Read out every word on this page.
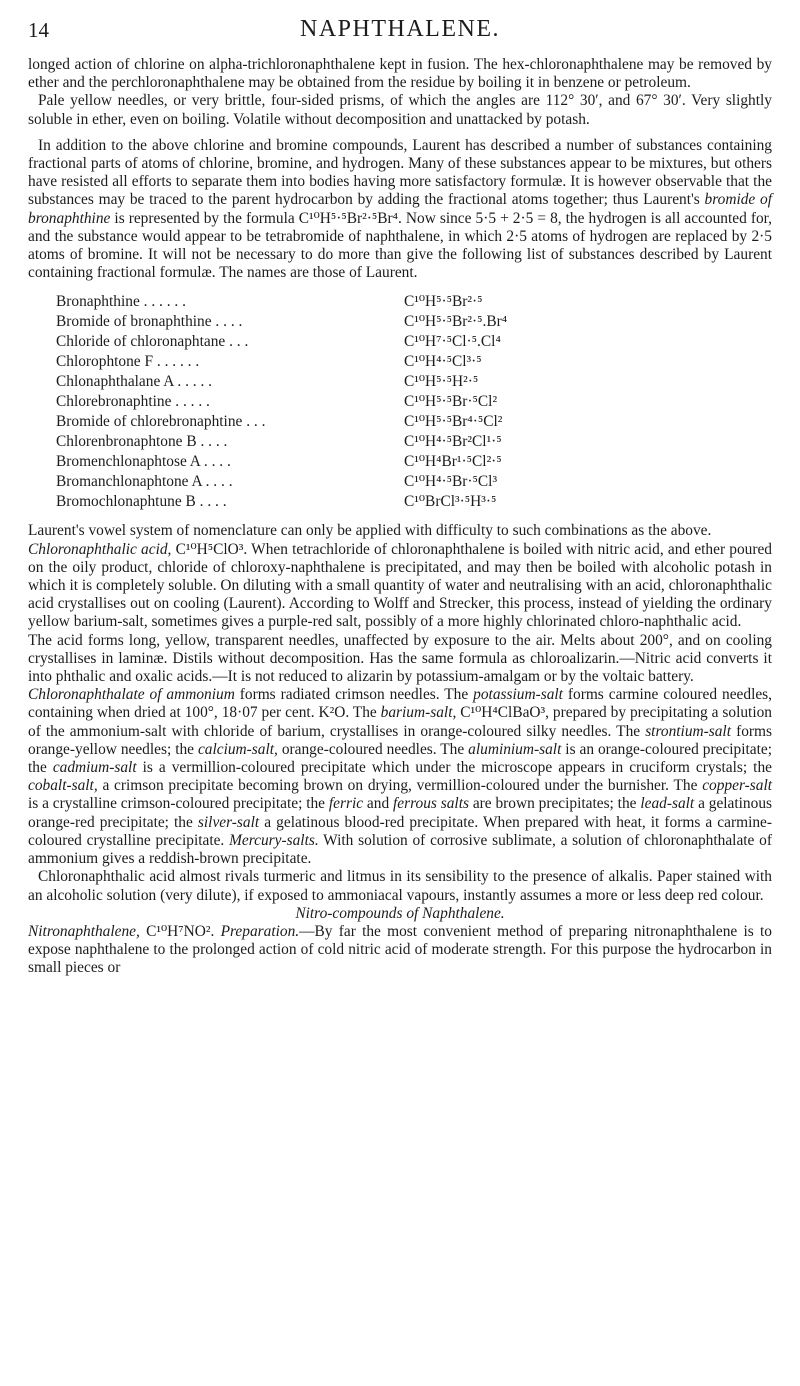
14	NAPHTHALENE.

longed action of chlorine on alpha-trichloronaphthalene kept in fusion. The hex-chloronaphthalene may be removed by ether and the perchloronaphthalene may be obtained from the residue by boiling it in benzene or petroleum.

Pale yellow needles, or very brittle, four-sided prisms, of which the angles are 112° 30′, and 67° 30′. Very slightly soluble in ether, even on boiling. Volatile without decomposition and unattacked by potash.

In addition to the above chlorine and bromine compounds, Laurent has described a number of substances containing fractional parts of atoms of chlorine, bromine, and hydrogen. Many of these substances appear to be mixtures, but others have resisted all efforts to separate them into bodies having more satisfactory formulæ. It is however observable that the substances may be traced to the parent hydrocarbon by adding the fractional atoms together; thus Laurent's bromide of bronaphthine is represented by the formula C¹⁰H⁵·⁵Br²·⁵Br⁴. Now since 5·5 + 2·5 = 8, the hydrogen is all accounted for, and the substance would appear to be tetrabromide of naphthalene, in which 2·5 atoms of hydrogen are replaced by 2·5 atoms of bromine. It will not be necessary to do more than give the following list of substances described by Laurent containing fractional formulæ. The names are those of Laurent.

Bronaphthine . . . . . .	C¹⁰H⁵·⁵Br²·⁵
Bromide of bronaphthine . . . .	C¹⁰H⁵·⁵Br²·⁵.Br⁴
Chloride of chloronaphtane . . .	C¹⁰H⁷·⁵Cl·⁵.Cl⁴
Chlorophtone F . . . . . .	C¹⁰H⁴·⁵Cl³·⁵
Chlonaphthalane A . . . . .	C¹⁰H⁵·⁵H²·⁵
Chlorebronaphtine . . . . .	C¹⁰H⁵·⁵Br·⁵Cl²
Bromide of chlorebronaphtine . . .	C¹⁰H⁵·⁵Br⁴·⁵Cl²
Chlorenbronaphtone B . . . .	C¹⁰H⁴·⁵Br²Cl¹·⁵
Bromenchlonaphtose A . . . .	C¹⁰H⁴Br¹·⁵Cl²·⁵
Bromanchlonaphtone A . . . .	C¹⁰H⁴·⁵Br·⁵Cl³
Bromochlonaphtune B . . . .	C¹⁰BrCl³·⁵H³·⁵

Laurent's vowel system of nomenclature can only be applied with difficulty to such combinations as the above.

Chloronaphthalic acid, C¹⁰H⁵ClO³. When tetrachloride of chloronaphthalene is boiled with nitric acid, and ether poured on the oily product, chloride of chloroxy-naphthalene is precipitated, and may then be boiled with alcoholic potash in which it is completely soluble. On diluting with a small quantity of water and neutralising with an acid, chloronaphthalic acid crystallises out on cooling (Laurent). According to Wolff and Strecker, this process, instead of yielding the ordinary yellow barium-salt, sometimes gives a purple-red salt, possibly of a more highly chlorinated chloro-naphthalic acid.

The acid forms long, yellow, transparent needles, unaffected by exposure to the air. Melts about 200°, and on cooling crystallises in laminæ. Distils without decomposition. Has the same formula as chloroalizarin.—Nitric acid converts it into phthalic and oxalic acids.—It is not reduced to alizarin by potassium-amalgam or by the voltaic battery.

Chloronaphthalate of ammonium forms radiated crimson needles. The potassium-salt forms carmine coloured needles, containing when dried at 100°, 18·07 per cent. K²O. The barium-salt, C¹⁰H⁴ClBaO³, prepared by precipitating a solution of the ammonium-salt with chloride of barium, crystallises in orange-coloured silky needles. The strontium-salt forms orange-yellow needles; the calcium-salt, orange-coloured needles. The aluminium-salt is an orange-coloured precipitate; the cadmium-salt is a vermillion-coloured precipitate which under the microscope appears in cruciform crystals; the cobalt-salt, a crimson precipitate becoming brown on drying, vermillion-coloured under the burnisher. The copper-salt is a crystalline crimson-coloured precipitate; the ferric and ferrous salts are brown precipitates; the lead-salt a gelatinous orange-red precipitate; the silver-salt a gelatinous blood-red precipitate. When prepared with heat, it forms a carmine-coloured crystalline precipitate. Mercury-salts. With solution of corrosive sublimate, a solution of chloronaphthalate of ammonium gives a reddish-brown precipitate.

Chloronaphthalic acid almost rivals turmeric and litmus in its sensibility to the presence of alkalis. Paper stained with an alcoholic solution (very dilute), if exposed to ammoniacal vapours, instantly assumes a more or less deep red colour.

Nitro-compounds of Naphthalene.

Nitronaphthalene, C¹⁰H⁷NO². Preparation.—By far the most convenient method of preparing nitronaphthalene is to expose naphthalene to the prolonged action of cold nitric acid of moderate strength. For this purpose the hydrocarbon in small pieces or
